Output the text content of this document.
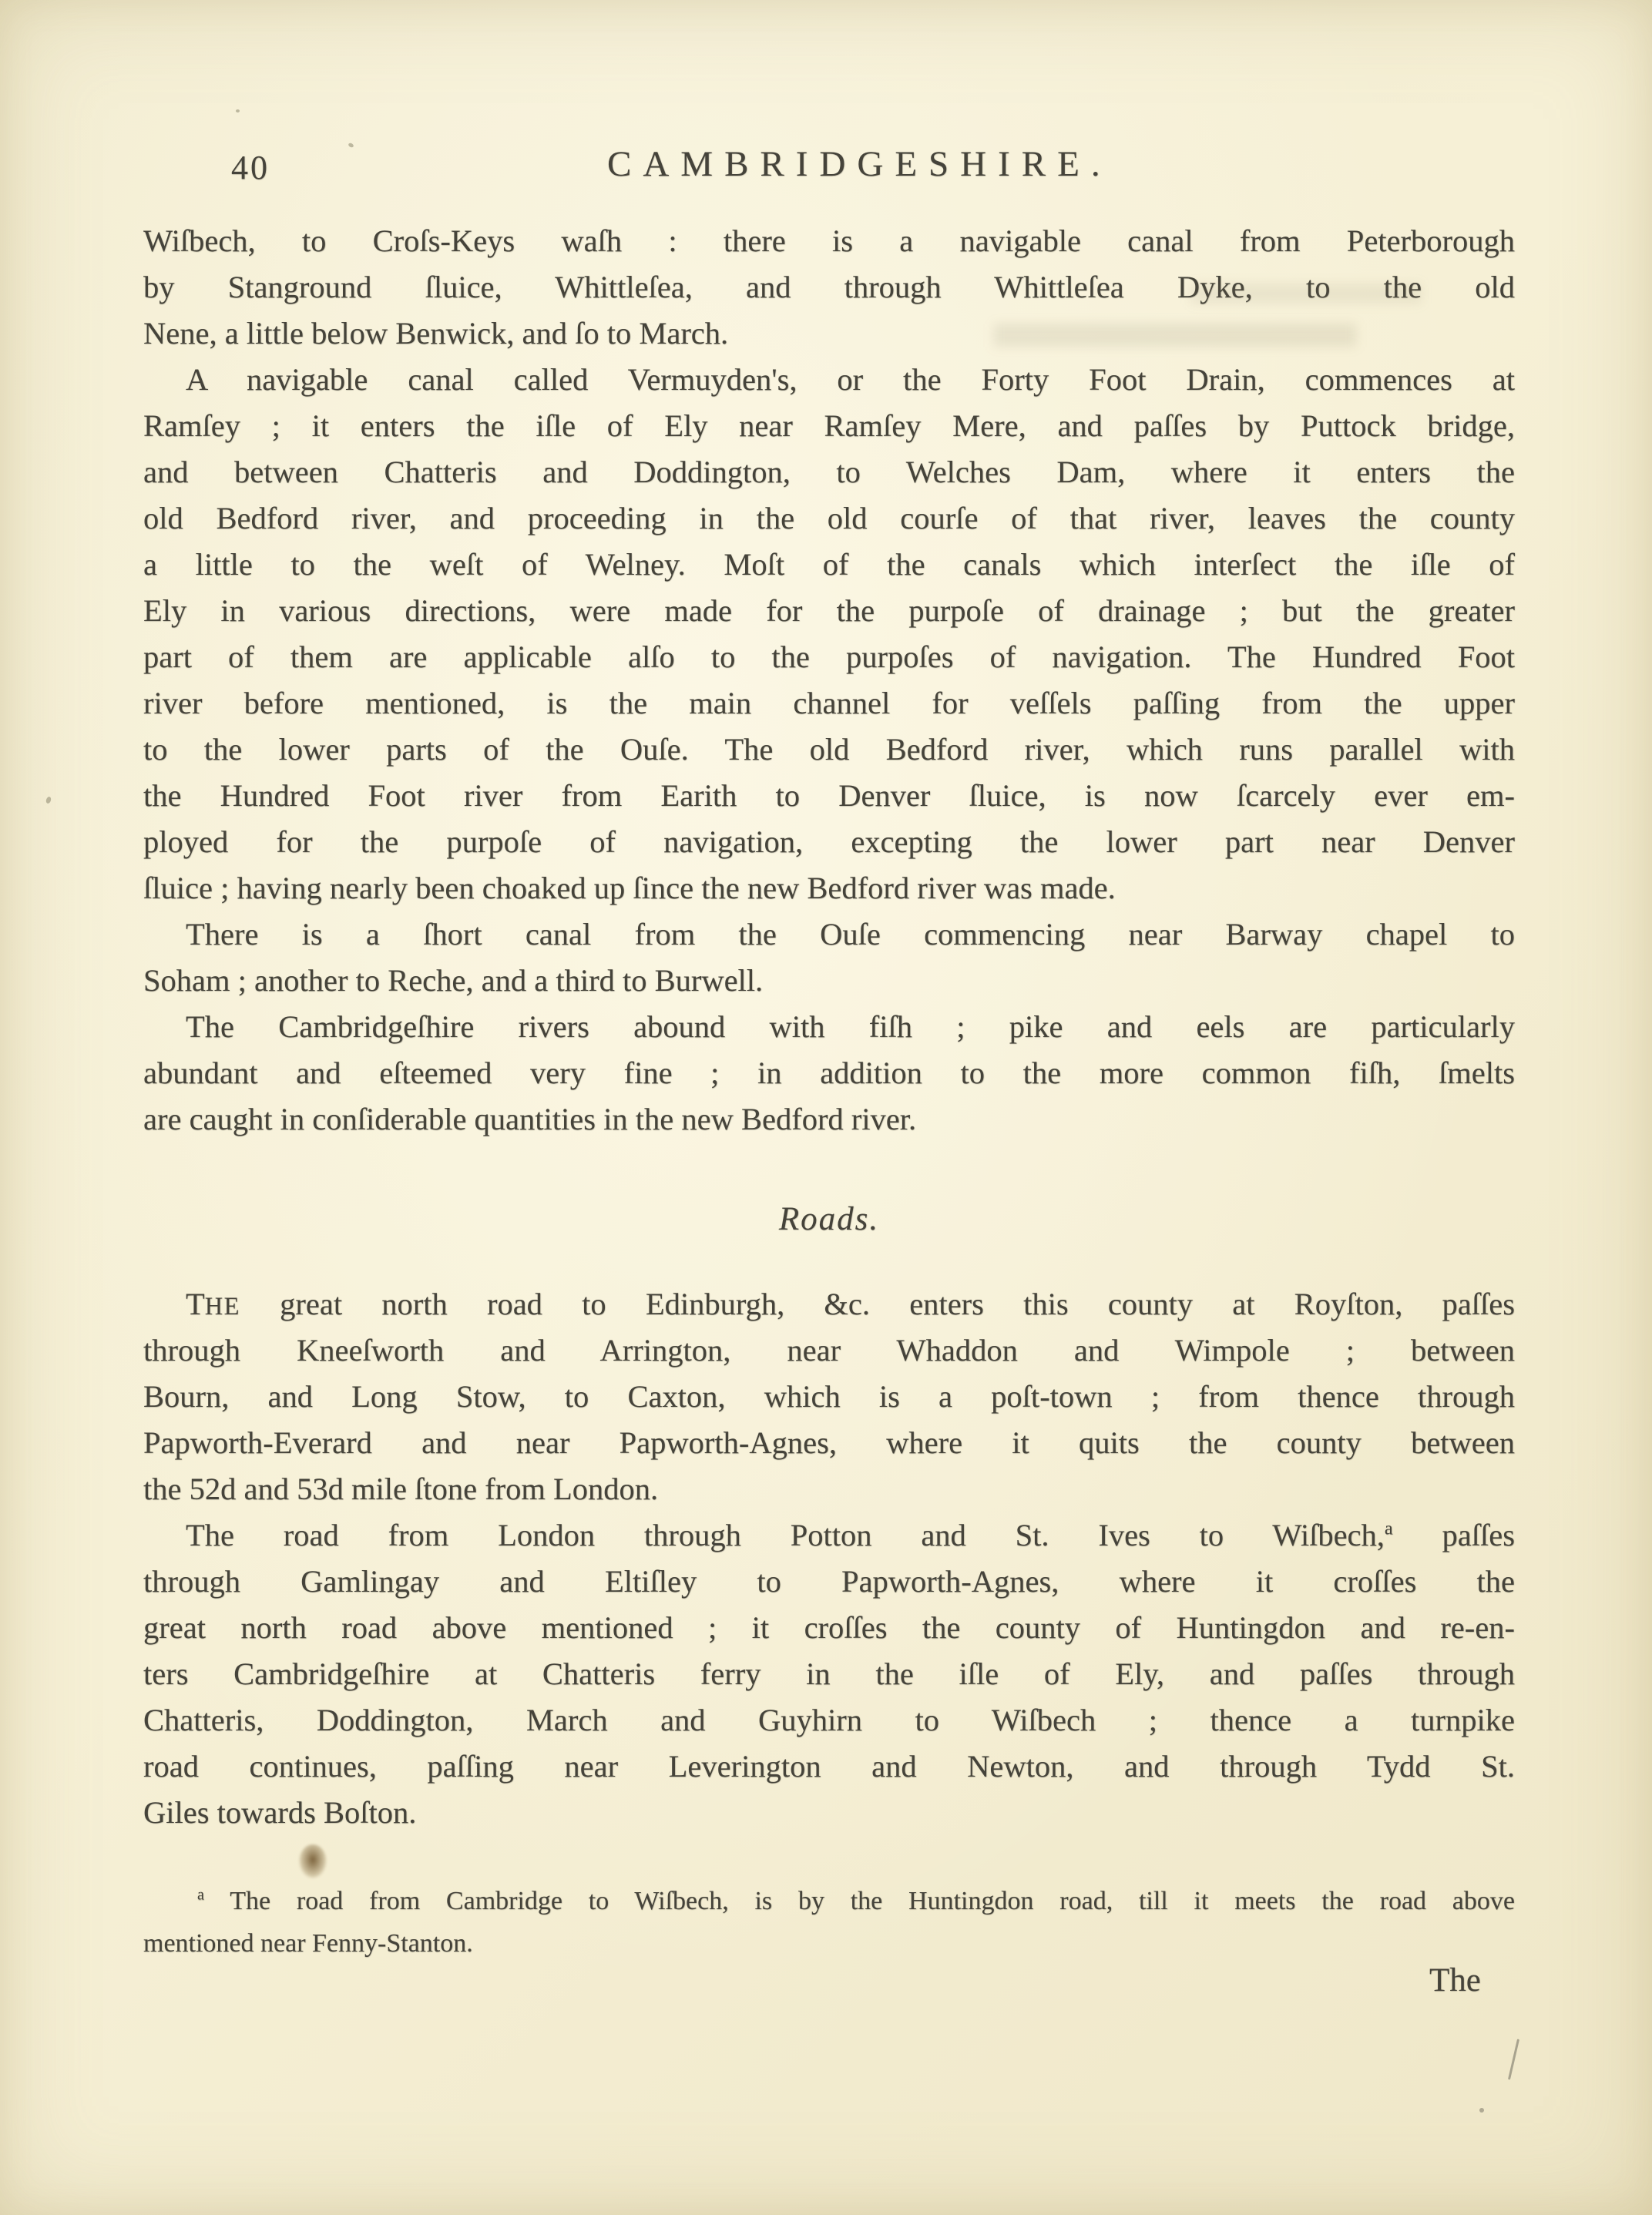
40	CAMBRIDGESHIRE.
Wiſbech, to Croſs-Keys waſh : there is a navigable canal from Peterborough
by Stanground ſluice, Whittleſea, and through Whittleſea Dyke, to the old
Nene, a little below Benwick, and ſo to March.
A navigable canal called Vermuyden's, or the Forty Foot Drain, commences at
Ramſey ; it enters the iſle of Ely near Ramſey Mere, and paſſes by Puttock bridge,
and between Chatteris and Doddington, to Welches Dam, where it enters the
old Bedford river, and proceeding in the old courſe of that river, leaves the county
a little to the weſt of Welney. Moſt of the canals which interſect the iſle of
Ely in various directions, were made for the purpoſe of drainage ; but the greater
part of them are applicable alſo to the purpoſes of navigation. The Hundred Foot
river before mentioned, is the main channel for veſſels paſſing from the upper
to the lower parts of the Ouſe. The old Bedford river, which runs parallel with
the Hundred Foot river from Earith to Denver ſluice, is now ſcarcely ever em-
ployed for the purpoſe of navigation, excepting the lower part near Denver
ſluice ; having nearly been choaked up ſince the new Bedford river was made.
There is a ſhort canal from the Ouſe commencing near Barway chapel to
Soham ; another to Reche, and a third to Burwell.
The Cambridgeſhire rivers abound with fiſh ; pike and eels are particularly
abundant and eſteemed very fine ; in addition to the more common fiſh, ſmelts
are caught in conſiderable quantities in the new Bedford river.
Roads.
THE great north road to Edinburgh, &c. enters this county at Royſton, paſſes
through Kneeſworth and Arrington, near Whaddon and Wimpole ; between
Bourn, and Long Stow, to Caxton, which is a poſt-town ; from thence through
Papworth-Everard and near Papworth-Agnes, where it quits the county between
the 52d and 53d mile ſtone from London.
The road from London through Potton and St. Ives to Wiſbech,$^a$ paſſes
through Gamlingay and Eltiſley to Papworth-Agnes, where it croſſes the
great north road above mentioned ; it croſſes the county of Huntingdon and re-en-
ters Cambridgeſhire at Chatteris ferry in the iſle of Ely, and paſſes through
Chatteris, Doddington, March and Guyhirn to Wiſbech ; thence a turnpike
road continues, paſſing near Leverington and Newton, and through Tydd St.
Giles towards Boſton.
$^a$ The road from Cambridge to Wiſbech, is by the Huntingdon road, till it meets the road above
mentioned near Fenny-Stanton.
The
